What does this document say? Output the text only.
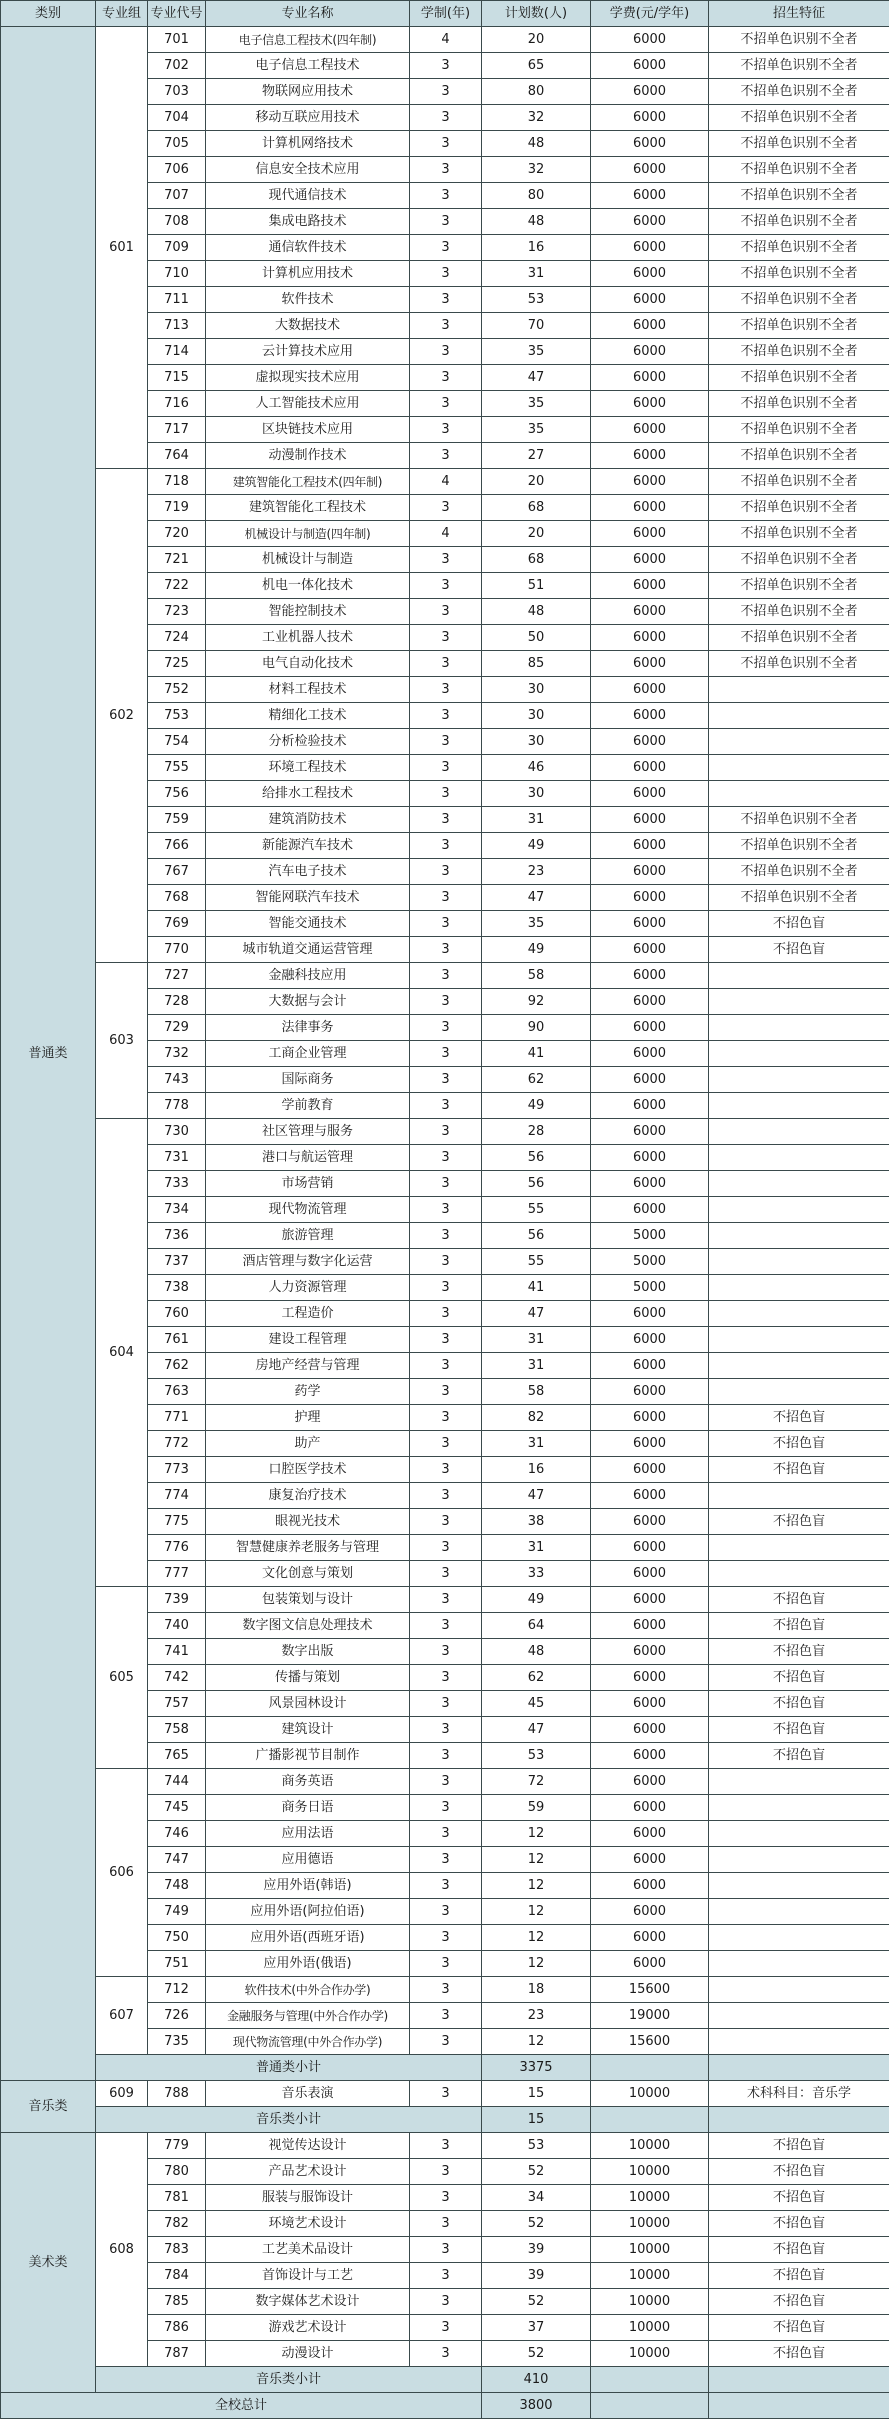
类别	专业组	专业代号	专业名称	学制(年)	计划数(人)	学费(元/学年)	招生特征
普通类	601	701	电子信息工程技术(四年制)	4	20	6000	不招单色识别不全者
		702	电子信息工程技术	3	65	6000	不招单色识别不全者
		703	物联网应用技术	3	80	6000	不招单色识别不全者
		704	移动互联应用技术	3	32	6000	不招单色识别不全者
		705	计算机网络技术	3	48	6000	不招单色识别不全者
		706	信息安全技术应用	3	32	6000	不招单色识别不全者
		707	现代通信技术	3	80	6000	不招单色识别不全者
		708	集成电路技术	3	48	6000	不招单色识别不全者
		709	通信软件技术	3	16	6000	不招单色识别不全者
		710	计算机应用技术	3	31	6000	不招单色识别不全者
		711	软件技术	3	53	6000	不招单色识别不全者
		713	大数据技术	3	70	6000	不招单色识别不全者
		714	云计算技术应用	3	35	6000	不招单色识别不全者
		715	虚拟现实技术应用	3	47	6000	不招单色识别不全者
		716	人工智能技术应用	3	35	6000	不招单色识别不全者
		717	区块链技术应用	3	35	6000	不招单色识别不全者
		764	动漫制作技术	3	27	6000	不招单色识别不全者
	602	718	建筑智能化工程技术(四年制)	4	20	6000	不招单色识别不全者
		719	建筑智能化工程技术	3	68	6000	不招单色识别不全者
		720	机械设计与制造(四年制)	4	20	6000	不招单色识别不全者
		721	机械设计与制造	3	68	6000	不招单色识别不全者
		722	机电一体化技术	3	51	6000	不招单色识别不全者
		723	智能控制技术	3	48	6000	不招单色识别不全者
		724	工业机器人技术	3	50	6000	不招单色识别不全者
		725	电气自动化技术	3	85	6000	不招单色识别不全者
		752	材料工程技术	3	30	6000	
		753	精细化工技术	3	30	6000	
		754	分析检验技术	3	30	6000	
		755	环境工程技术	3	46	6000	
		756	给排水工程技术	3	30	6000	
		759	建筑消防技术	3	31	6000	不招单色识别不全者
		766	新能源汽车技术	3	49	6000	不招单色识别不全者
		767	汽车电子技术	3	23	6000	不招单色识别不全者
		768	智能网联汽车技术	3	47	6000	不招单色识别不全者
		769	智能交通技术	3	35	6000	不招色盲
		770	城市轨道交通运营管理	3	49	6000	不招色盲
	603	727	金融科技应用	3	58	6000	
		728	大数据与会计	3	92	6000	
		729	法律事务	3	90	6000	
		732	工商企业管理	3	41	6000	
		743	国际商务	3	62	6000	
		778	学前教育	3	49	6000	
	604	730	社区管理与服务	3	28	6000	
		731	港口与航运管理	3	56	6000	
		733	市场营销	3	56	6000	
		734	现代物流管理	3	55	6000	
		736	旅游管理	3	56	5000	
		737	酒店管理与数字化运营	3	55	5000	
		738	人力资源管理	3	41	5000	
		760	工程造价	3	47	6000	
		761	建设工程管理	3	31	6000	
		762	房地产经营与管理	3	31	6000	
		763	药学	3	58	6000	
		771	护理	3	82	6000	不招色盲
		772	助产	3	31	6000	不招色盲
		773	口腔医学技术	3	16	6000	不招色盲
		774	康复治疗技术	3	47	6000	
		775	眼视光技术	3	38	6000	不招色盲
		776	智慧健康养老服务与管理	3	31	6000	
		777	文化创意与策划	3	33	6000	
	605	739	包装策划与设计	3	49	6000	不招色盲
		740	数字图文信息处理技术	3	64	6000	不招色盲
		741	数字出版	3	48	6000	不招色盲
		742	传播与策划	3	62	6000	不招色盲
		757	风景园林设计	3	45	6000	不招色盲
		758	建筑设计	3	47	6000	不招色盲
		765	广播影视节目制作	3	53	6000	不招色盲
	606	744	商务英语	3	72	6000	
		745	商务日语	3	59	6000	
		746	应用法语	3	12	6000	
		747	应用德语	3	12	6000	
		748	应用外语(韩语)	3	12	6000	
		749	应用外语(阿拉伯语)	3	12	6000	
		750	应用外语(西班牙语)	3	12	6000	
		751	应用外语(俄语)	3	12	6000	
	607	712	软件技术(中外合作办学)	3	18	15600	
		726	金融服务与管理(中外合作办学)	3	23	19000	
		735	现代物流管理(中外合作办学)	3	12	15600	
	普通类小计				3375		
音乐类	609	788	音乐表演	3	15	10000	术科科目：音乐学
	音乐类小计				15		
美术类	608	779	视觉传达设计	3	53	10000	不招色盲
		780	产品艺术设计	3	52	10000	不招色盲
		781	服装与服饰设计	3	34	10000	不招色盲
		782	环境艺术设计	3	52	10000	不招色盲
		783	工艺美术品设计	3	39	10000	不招色盲
		784	首饰设计与工艺	3	39	10000	不招色盲
		785	数字媒体艺术设计	3	52	10000	不招色盲
		786	游戏艺术设计	3	37	10000	不招色盲
		787	动漫设计	3	52	10000	不招色盲
	音乐类小计				410		
全校总计					3800		
